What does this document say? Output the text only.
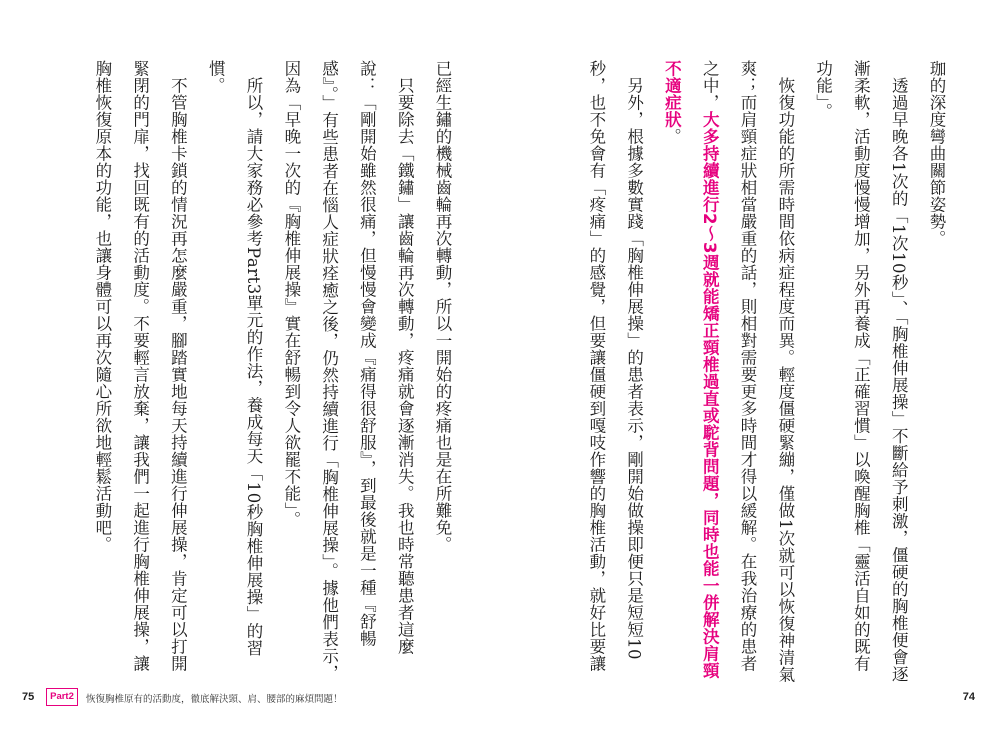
珈的深度彎曲關節姿勢。

透過早晚各1次的「1次10秒」、「胸椎伸展操」不斷給予刺激，僵硬的胸椎便會逐漸柔軟，活動度慢慢增加，另外再養成「正確習慣」以喚醒胸椎「靈活自如的既有功能」。

恢復功能的所需時間依病症程度而異。輕度僵硬緊繃，僅做1次就可以恢復神清氣爽；而肩頸症狀相當嚴重的話，則相對需要更多時間才得以緩解。在我治療的患者之中，大多持續進行2～3週就能矯正頸椎過直或駝背問題，同時也能一併解決肩頸不適症狀。

另外，根據多數實踐「胸椎伸展操」的患者表示，剛開始做操即便只是短短10秒，也不免會有「疼痛」的感覺，但要讓僵硬到嘎吱作響的胸椎活動，就好比要讓

已經生鏽的機械齒輪再次轉動，所以一開始的疼痛也是在所難免。

只要除去「鐵鏽」讓齒輪再次轉動，疼痛就會逐漸消失。我也時常聽患者這麼說：「剛開始雖然很痛，但慢慢會變成『痛得很舒服』，到最後就是一種『舒暢感』。」有些患者在惱人症狀痊癒之後，仍然持續進行「胸椎伸展操」。據他們表示，因為「早晚一次的『胸椎伸展操』實在舒暢到令人欲罷不能」。

所以，請大家務必參考Part3單元的作法，養成每天「10秒胸椎伸展操」的習慣。

不管胸椎卡鎖的情況再怎麼嚴重，腳踏實地每天持續進行伸展操，肯定可以打開緊閉的門扉，找回既有的活動度。不要輕言放棄，讓我們一起進行胸椎伸展操，讓胸椎恢復原本的功能，也讓身體可以再次隨心所欲地輕鬆活動吧。

75	Part2	恢復胸椎原有的活動度，徹底解決頸、肩、腰部的麻煩問題！	74
